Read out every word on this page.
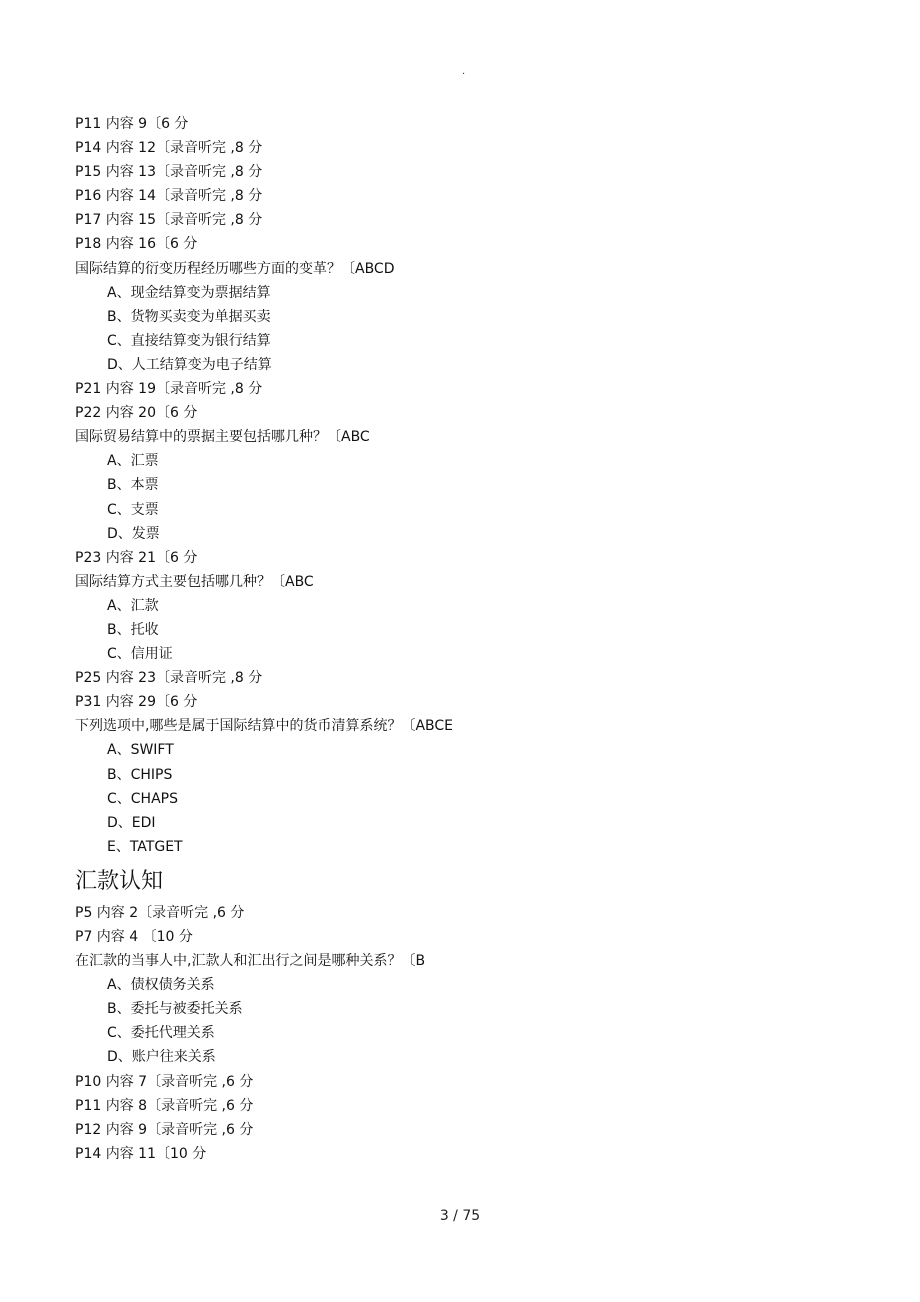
.
P11 内容 9〔6 分
P14 内容 12〔录音听完 ,8 分
P15 内容 13〔录音听完 ,8 分
P16 内容 14〔录音听完 ,8 分
P17 内容 15〔录音听完 ,8 分
P18 内容 16〔6 分
国际结算的衍变历程经历哪些方面的变革？〔ABCD
A、现金结算变为票据结算
B、货物买卖变为单据买卖
C、直接结算变为银行结算
D、人工结算变为电子结算
P21 内容 19〔录音听完 ,8 分
P22 内容 20〔6 分
国际贸易结算中的票据主要包括哪几种？〔ABC
A、汇票
B、本票
C、支票
D、发票
P23 内容 21〔6 分
国际结算方式主要包括哪几种？〔ABC
A、汇款
B、托收
C、信用证
P25 内容 23〔录音听完 ,8 分
P31 内容 29〔6 分
下列选项中,哪些是属于国际结算中的货币清算系统？〔ABCE
A、SWIFT
B、CHIPS
C、CHAPS
D、EDI
E、TATGET
汇款认知
P5 内容 2〔录音听完 ,6 分
P7 内容 4 〔10 分
在汇款的当事人中,汇款人和汇出行之间是哪种关系？〔B
A、债权债务关系
B、委托与被委托关系
C、委托代理关系
D、账户往来关系
P10 内容 7〔录音听完 ,6 分
P11 内容 8〔录音听完 ,6 分
P12 内容 9〔录音听完 ,6 分
P14 内容 11〔10 分
3 / 75
